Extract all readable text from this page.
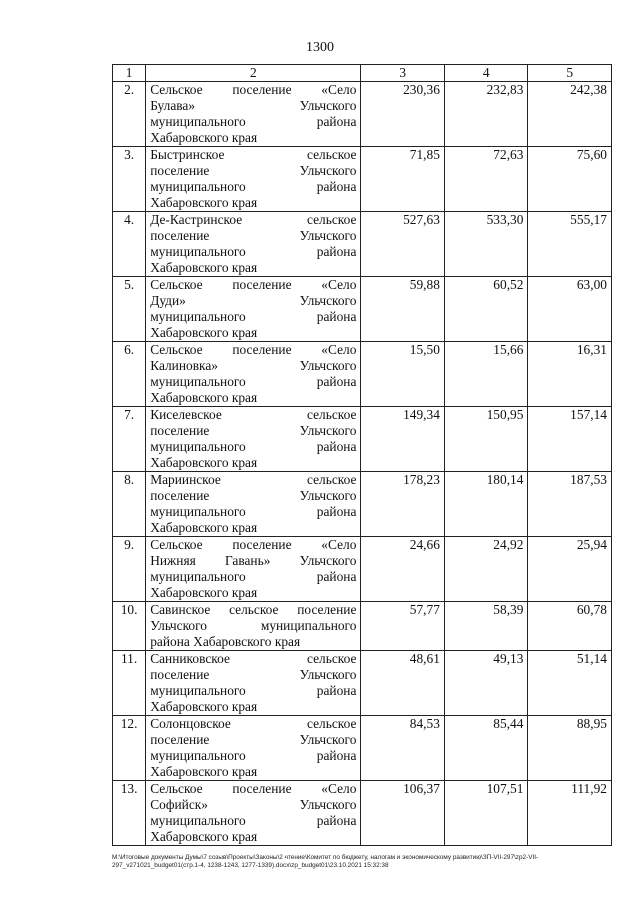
1300
1	2	3	4	5
2.	Сельское поселение «Село
Булава» Ульчского
муниципального района
Хабаровского края	230,36	232,83	242,38
3.	Быстринское сельское
поселение Ульчского
муниципального района
Хабаровского края	71,85	72,63	75,60
4.	Де-Кастринское сельское
поселение Ульчского
муниципального района
Хабаровского края	527,63	533,30	555,17
5.	Сельское поселение «Село
Дуди» Ульчского
муниципального района
Хабаровского края	59,88	60,52	63,00
6.	Сельское поселение «Село
Калиновка» Ульчского
муниципального района
Хабаровского края	15,50	15,66	16,31
7.	Киселевское сельское
поселение Ульчского
муниципального района
Хабаровского края	149,34	150,95	157,14
8.	Мариинское сельское
поселение Ульчского
муниципального района
Хабаровского края	178,23	180,14	187,53
9.	Сельское поселение «Село
Нижняя Гавань» Ульчского
муниципального района
Хабаровского края	24,66	24,92	25,94
10.	Савинское сельское поселение
Ульчского муниципального
района Хабаровского края	57,77	58,39	60,78
11.	Санниковское сельское
поселение Ульчского
муниципального района
Хабаровского края	48,61	49,13	51,14
12.	Солонцовское сельское
поселение Ульчского
муниципального района
Хабаровского края	84,53	85,44	88,95
13.	Сельское поселение «Село
Софийск» Ульчского
муниципального района
Хабаровского края	106,37	107,51	111,92
M:\Итоговые документы Думы\7 созыв\Проекты\Законы\2 чтение\Комитет по бюджету, налогам и экономическому развитию\ЗП-VII-297\zp2-VII-297_v271021_budget01(стр.1-4, 1238-1243, 1277-1339).docx\zp_budget01\23.10.2021 15:32:38
